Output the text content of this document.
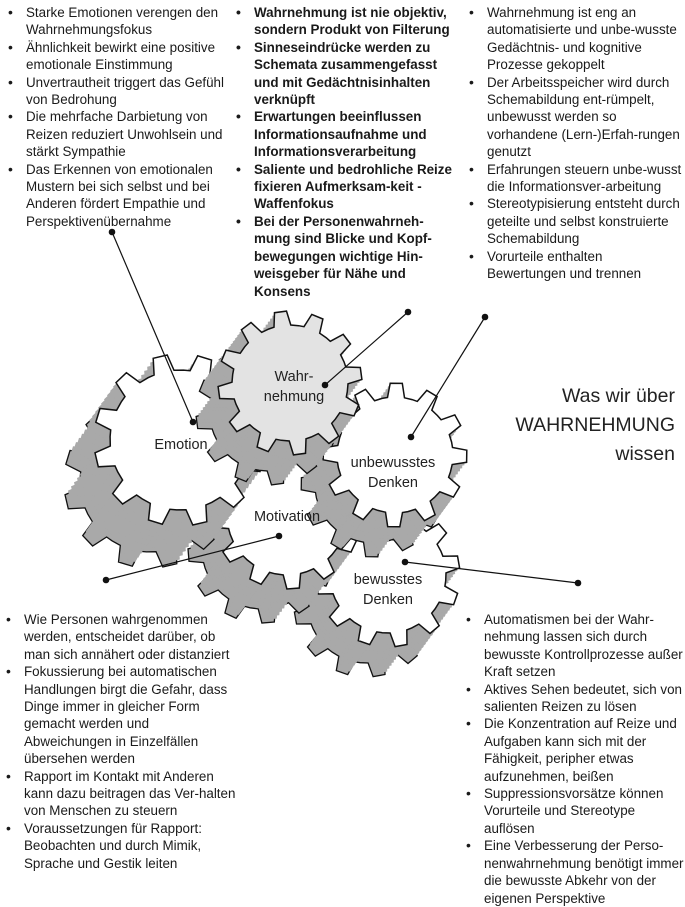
• Starke Emotionen verengen den Wahrnehmungsfokus
• Ähnlichkeit bewirkt eine positive emotionale Einstimmung
• Unvertrautheit triggert das Gefühl von Bedrohung
• Die mehrfache Darbietung von Reizen reduziert Unwohlsein und stärkt Sympathie
• Das Erkennen von emotionalen Mustern bei sich selbst und bei Anderen fördert Empathie und Perspektivenübernahme
• Wahrnehmung ist nie objektiv, sondern Produkt von Filterung
• Sinneseindrücke werden zu Schemata zusammengefasst und mit Gedächtnisinhalten verknüpft
• Erwartungen beeinflussen Informationsaufnahme und Informationsverarbeitung
• Saliente und bedrohliche Reize fixieren Aufmerksam-keit - Waffenfokus
• Bei der Personenwahrneh-mung sind Blicke und Kopf-bewegungen wichtige Hin-weisgeber für Nähe und Konsens
• Wahrnehmung ist eng an automatisierte und unbe-wusste Gedächtnis- und kognitive Prozesse gekoppelt
• Der Arbeitsspeicher wird durch Schemabildung ent-rümpelt, unbewusst werden so vorhandene (Lern-)Erfah-rungen genutzt
• Erfahrungen steuern unbe-wusst die Informationsver-arbeitung
• Stereotypisierung entsteht durch geteilte und selbst konstruierte Schemabildung
• Vorurteile enthalten Bewertungen und trennen
• Wie Personen wahrgenommen werden, entscheidet darüber, ob man sich annähert oder distanziert
• Fokussierung bei automatischen Handlungen birgt die Gefahr, dass Dinge immer in gleicher Form gemacht werden und Abweichungen in Einzelfällen übersehen werden
• Rapport im Kontakt mit Anderen kann dazu beitragen das Ver-halten von Menschen zu steuern
• Voraussetzungen für Rapport: Beobachten und durch Mimik, Sprache und Gestik leiten
• Automatismen bei der Wahr-nehmung lassen sich durch bewusste Kontrollprozesse außer Kraft setzen
• Aktives Sehen bedeutet, sich von salienten Reizen zu lösen
• Die Konzentration auf Reize und Aufgaben kann sich mit der Fähigkeit, peripher etwas aufzunehmen, beißen
• Suppressionsvorsätze können Vorurteile und Stereotype auflösen
• Eine Verbesserung der Perso-nenwahrnehmung benötigt immer die bewusste Abkehr von der eigenen Perspektive
Was wir über
WAHRNEHMUNG
wissen
Emotion
Wahr-
nehmung
unbewusstes
Denken
Motivation
bewusstes
Denken
